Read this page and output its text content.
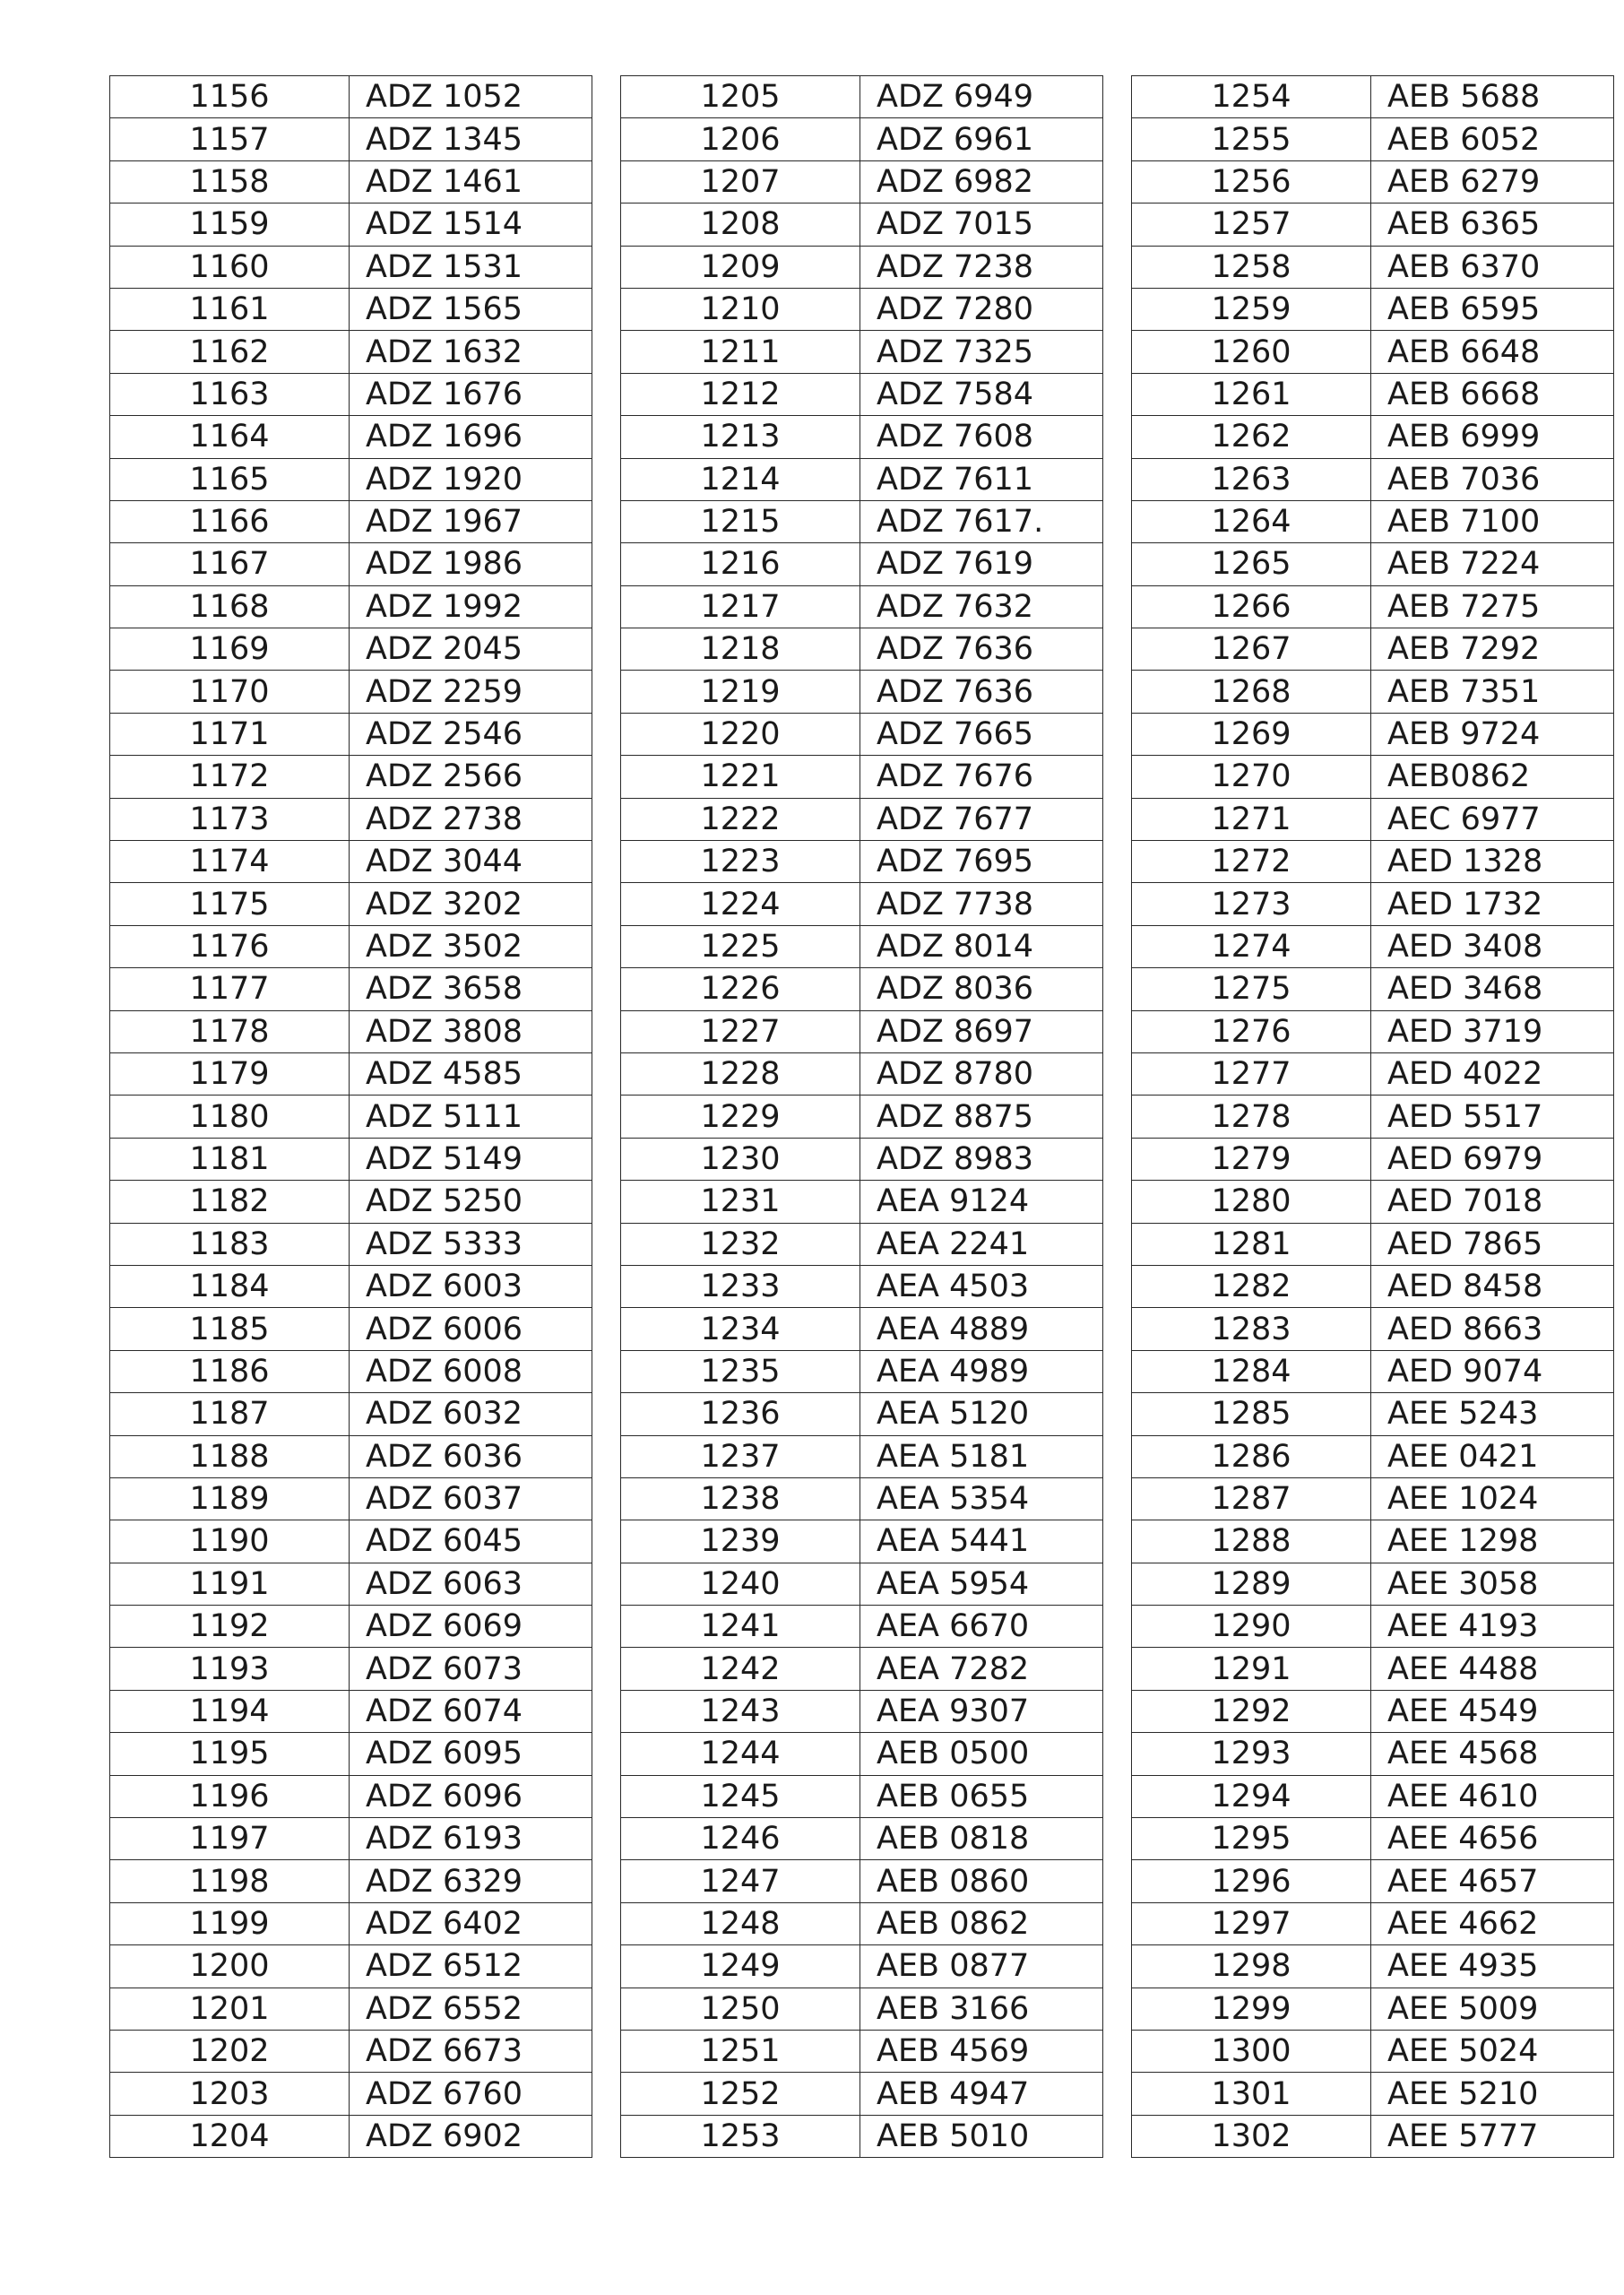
1156	ADZ 1052
1157	ADZ 1345
1158	ADZ 1461
1159	ADZ 1514
1160	ADZ 1531
1161	ADZ 1565
1162	ADZ 1632
1163	ADZ 1676
1164	ADZ 1696
1165	ADZ 1920
1166	ADZ 1967
1167	ADZ 1986
1168	ADZ 1992
1169	ADZ 2045
1170	ADZ 2259
1171	ADZ 2546
1172	ADZ 2566
1173	ADZ 2738
1174	ADZ 3044
1175	ADZ 3202
1176	ADZ 3502
1177	ADZ 3658
1178	ADZ 3808
1179	ADZ 4585
1180	ADZ 5111
1181	ADZ 5149
1182	ADZ 5250
1183	ADZ 5333
1184	ADZ 6003
1185	ADZ 6006
1186	ADZ 6008
1187	ADZ 6032
1188	ADZ 6036
1189	ADZ 6037
1190	ADZ 6045
1191	ADZ 6063
1192	ADZ 6069
1193	ADZ 6073
1194	ADZ 6074
1195	ADZ 6095
1196	ADZ 6096
1197	ADZ 6193
1198	ADZ 6329
1199	ADZ 6402
1200	ADZ 6512
1201	ADZ 6552
1202	ADZ 6673
1203	ADZ 6760
1204	ADZ 6902
1205	ADZ 6949
1206	ADZ 6961
1207	ADZ 6982
1208	ADZ 7015
1209	ADZ 7238
1210	ADZ 7280
1211	ADZ 7325
1212	ADZ 7584
1213	ADZ 7608
1214	ADZ 7611
1215	ADZ 7617.
1216	ADZ 7619
1217	ADZ 7632
1218	ADZ 7636
1219	ADZ 7636
1220	ADZ 7665
1221	ADZ 7676
1222	ADZ 7677
1223	ADZ 7695
1224	ADZ 7738
1225	ADZ 8014
1226	ADZ 8036
1227	ADZ 8697
1228	ADZ 8780
1229	ADZ 8875
1230	ADZ 8983
1231	AEA 9124
1232	AEA 2241
1233	AEA 4503
1234	AEA 4889
1235	AEA 4989
1236	AEA 5120
1237	AEA 5181
1238	AEA 5354
1239	AEA 5441
1240	AEA 5954
1241	AEA 6670
1242	AEA 7282
1243	AEA 9307
1244	AEB 0500
1245	AEB 0655
1246	AEB 0818
1247	AEB 0860
1248	AEB 0862
1249	AEB 0877
1250	AEB 3166
1251	AEB 4569
1252	AEB 4947
1253	AEB 5010
1254	AEB 5688
1255	AEB 6052
1256	AEB 6279
1257	AEB 6365
1258	AEB 6370
1259	AEB 6595
1260	AEB 6648
1261	AEB 6668
1262	AEB 6999
1263	AEB 7036
1264	AEB 7100
1265	AEB 7224
1266	AEB 7275
1267	AEB 7292
1268	AEB 7351
1269	AEB 9724
1270	AEB0862
1271	AEC 6977
1272	AED 1328
1273	AED 1732
1274	AED 3408
1275	AED 3468
1276	AED 3719
1277	AED 4022
1278	AED 5517
1279	AED 6979
1280	AED 7018
1281	AED 7865
1282	AED 8458
1283	AED 8663
1284	AED 9074
1285	AEE 5243
1286	AEE 0421
1287	AEE 1024
1288	AEE 1298
1289	AEE 3058
1290	AEE 4193
1291	AEE 4488
1292	AEE 4549
1293	AEE 4568
1294	AEE 4610
1295	AEE 4656
1296	AEE 4657
1297	AEE 4662
1298	AEE 4935
1299	AEE 5009
1300	AEE 5024
1301	AEE 5210
1302	AEE 5777
